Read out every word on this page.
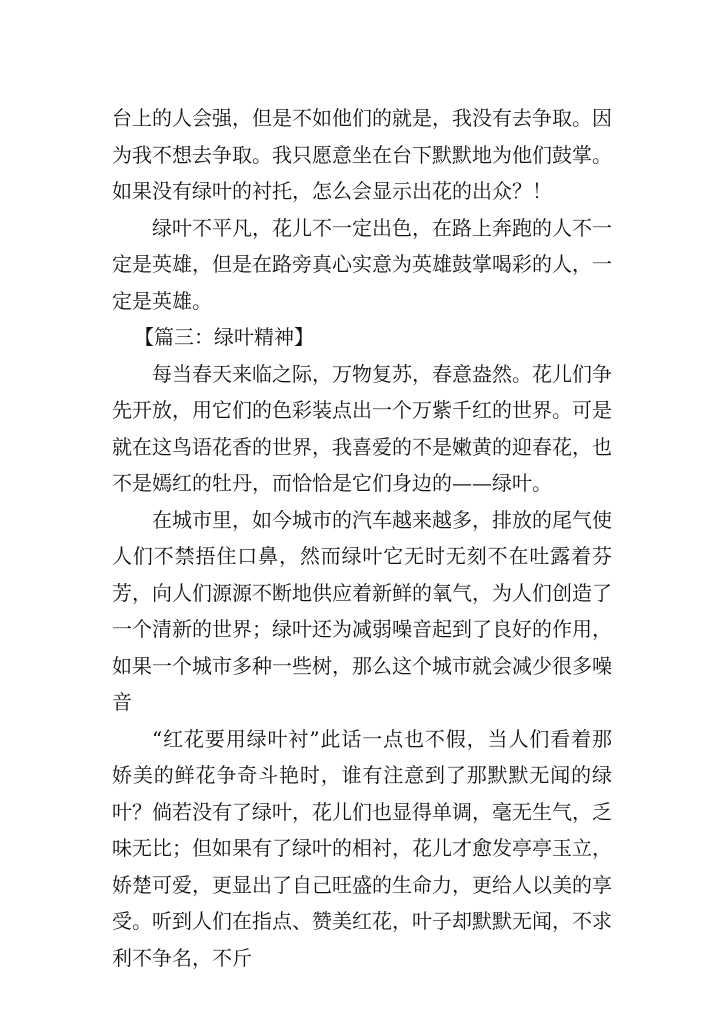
台上的人会强，但是不如他们的就是，我没有去争取。因为我不想去争取。我只愿意坐在台下默默地为他们鼓掌。如果没有绿叶的衬托，怎么会显示出花的出众？！

绿叶不平凡，花儿不一定出色，在路上奔跑的人不一定是英雄，但是在路旁真心实意为英雄鼓掌喝彩的人，一定是英雄。

【篇三：绿叶精神】

每当春天来临之际，万物复苏，春意盎然。花儿们争先开放，用它们的色彩装点出一个万紫千红的世界。可是就在这鸟语花香的世界，我喜爱的不是嫩黄的迎春花，也不是嫣红的牡丹，而恰恰是它们身边的——绿叶。

在城市里，如今城市的汽车越来越多，排放的尾气使人们不禁捂住口鼻，然而绿叶它无时无刻不在吐露着芬芳，向人们源源不断地供应着新鲜的氧气，为人们创造了一个清新的世界；绿叶还为减弱噪音起到了良好的作用，如果一个城市多种一些树，那么这个城市就会减少很多噪音

“红花要用绿叶衬”此话一点也不假，当人们看着那娇美的鲜花争奇斗艳时，谁有注意到了那默默无闻的绿叶？倘若没有了绿叶，花儿们也显得单调，毫无生气，乏味无比；但如果有了绿叶的相衬，花儿才愈发亭亭玉立，娇楚可爱，更显出了自己旺盛的生命力，更给人以美的享受。听到人们在指点、赞美红花，叶子却默默无闻，不求利不争名，不斤
